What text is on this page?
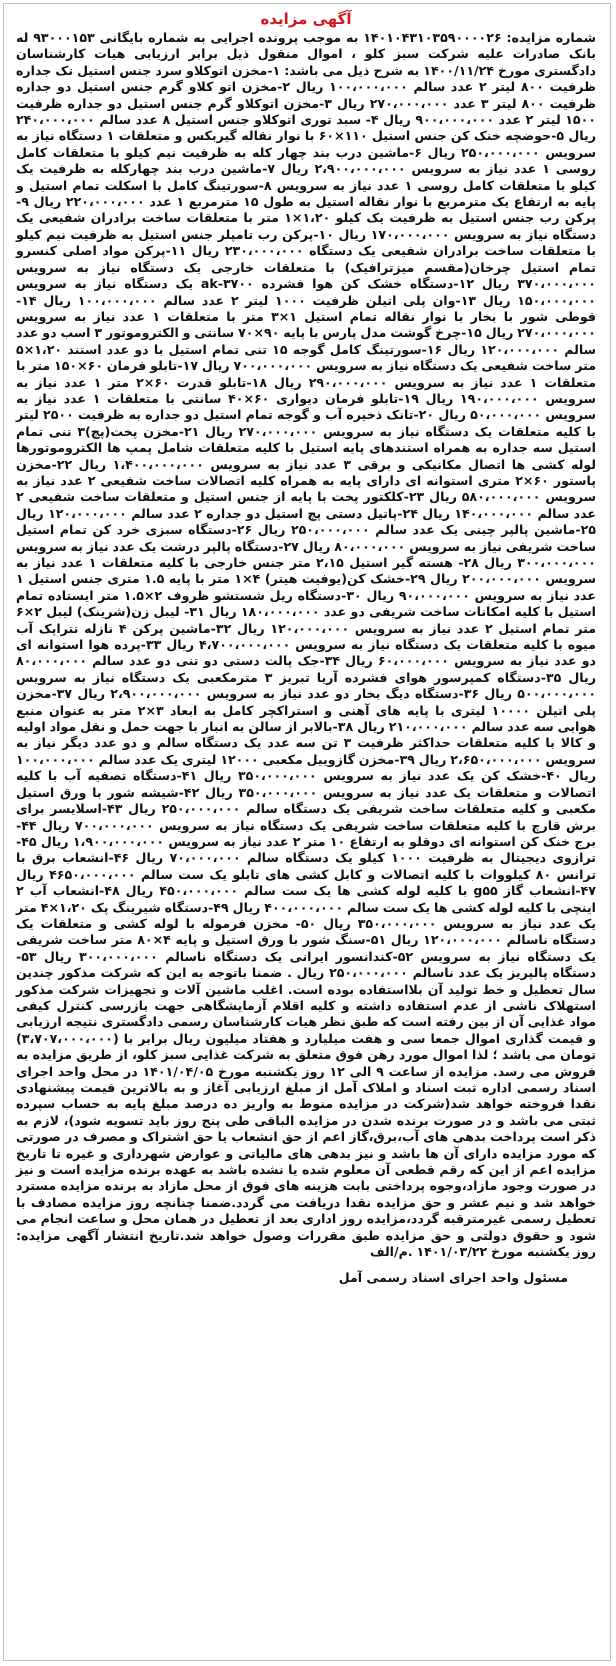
آگهی مزایده

شماره مزایده: ۱۴۰۱۰۴۳۱۰۳۵۹۰۰۰۰۲۶ به موجب پرونده اجرایی به شماره بایگانی ۹۳۰۰۰۱۵۳ له بانک صادرات علیه شرکت سبز کلو ، اموال منقول ذیل برابر ارزیابی هیات کارشناسان دادگستری مورخ ۱۴۰۰/۱۱/۲۴ به شرح ذیل می باشد: ۱-مخزن اتوکلاو سرد جنس استیل تک جداره ظرفیت ۸۰۰ لیتر ۲ عدد سالم ۱۰۰،۰۰۰،۰۰۰ ریال ۲-مخزن اتو کلاو گرم جنس استیل دو جداره ظرفیت ۸۰۰ لیتر ۳ عدد ۲۷۰،۰۰۰،۰۰۰ ریال ۳-مخزن اتوکلاو گرم جنس استیل دو جداره ظرفیت ۱۵۰۰ لیتر ۲ عدد ۹۰۰،۰۰۰،۰۰۰ ریال ۴- سبد توری اتوکلاو جنس استیل ۸ عدد سالم ۲۴۰،۰۰۰،۰۰۰ ریال ۵-حوضچه خنک کن جنس استیل ۱۱۰×۶۰ با نوار نقاله گیربکس و متعلقات ۱ دستگاه نیاز به سرویس ۲۵۰،۰۰۰،۰۰۰ ریال ۶-ماشین درب بند چهار کله به ظرفیت نیم کیلو با متعلقات کامل روسی ۱ عدد نیاز به سرویس ۲،۹۰۰،۰۰۰،۰۰۰ ریال ۷-ماشین درب بند چهارکله به ظرفیت یک کیلو با متعلقات کامل روسی ۱ عدد نیاز به سرویس ۸-سورتینگ کامل با اسکلت تمام استیل و پایه به ارتفاع یک مترمربع با نوار نقاله استیل به طول ۱۵ مترمربع ۱ عدد ۲۲۰،۰۰۰،۰۰۰ ریال ۹-پرکن رب جنس استیل به ظرفیت یک کیلو ۱،۲۰×۱ متر با متعلقات ساخت برادران شفیعی یک دستگاه نیاز به سرویس ۱۷۰،۰۰۰،۰۰۰ ریال ۱۰-پرکن رب تامپلر جنس استیل به ظرفیت نیم کیلو با متعلقات ساخت برادران شفیعی یک دستگاه ۲۳۰،۰۰۰،۰۰۰ ریال ۱۱-پرکن مواد اصلی کنسرو تمام استیل چرخان(مقسم میزترافیک) با متعلقات خارجی یک دستگاه نیاز به سرویس ۳۷۰،۰۰۰،۰۰۰ ریال ۱۲-دستگاه خشک کن هوا فشرده ak-۳۷۰۰ یک دستگاه نیاز به سرویس ۱۵۰،۰۰۰،۰۰۰ ریال ۱۳-وان پلی اتیلن ظرفیت ۱۰۰۰ لیتر ۲ عدد سالم ۱۰۰،۰۰۰،۰۰۰ ریال ۱۴-قوطی شور با بخار با نوار نقاله تمام استیل ۱×۳ متر با متعلقات ۱ عدد نیاز به سرویس ۲۷۰،۰۰۰،۰۰۰ ریال ۱۵-چرخ گوشت مدل پارس با پایه ۹۰×۷۰ سانتی و الکتروموتور ۳ اسب دو عدد سالم ۱۲۰،۰۰۰،۰۰۰ ریال ۱۶-سورتینگ کامل گوجه ۱۵ تنی تمام استیل با دو عدد استند ۱،۲۰×۵ متر ساخت شفیعی یک دستگاه نیاز به سرویس ۷۰۰،۰۰۰،۰۰۰ ریال ۱۷-تابلو فرمان ۶۰×۱۵۰ متر با متعلقات ۱ عدد نیاز به سرویس ۲۹۰،۰۰۰،۰۰۰ ریال ۱۸-تابلو قدرت ۶۰×۲ متر ۱ عدد نیاز به سرویس ۱۹۰،۰۰۰،۰۰۰ ریال ۱۹-تابلو فرمان دیواری ۶۰×۴۰ سانتی با متعلقات ۱ عدد نیاز به سرویس ۵۰،۰۰۰،۰۰۰ ریال ۲۰-تانک ذخیره آب و گوجه تمام استیل دو جداره به ظرفیت ۲۵۰۰ لیتر با کلیه متعلقات یک دستگاه نیاز به سرویس ۲۷۰،۰۰۰،۰۰۰ ریال ۲۱-مخزن پخت(پچ)۳ تنی تمام استیل سه جداره به همراه استندهای پایه استیل با کلیه متعلقات شامل پمپ ها الکتروموتورها لوله کشی ها اتصال مکانیکی و برقی ۳ عدد نیاز به سرویس ۱،۴۰۰،۰۰۰،۰۰۰ ریال ۲۲-مخزن پاستور ۶۰×۲ متری استوانه ای دارای پایه به همراه کلیه اتصالات ساخت شفیعی ۲ عدد نیاز به سرویس ۵۸۰،۰۰۰،۰۰۰ ریال ۲۳-کلکتور پخت با پایه از جنس استیل و متعلقات ساخت شفیعی ۲ عدد سالم ۱۴۰،۰۰۰،۰۰۰ ریال ۲۴-پاتیل دستی پچ استیل دو جداره ۲ عدد سالم ۱۲۰،۰۰۰،۰۰۰ ریال ۲۵-ماشین پالپر چینی یک عدد سالم ۲۵۰،۰۰۰،۰۰۰ ریال ۲۶-دستگاه سبزی خرد کن تمام استیل ساخت شریفی نیاز به سرویس ۸۰،۰۰۰،۰۰۰ ریال ۲۷-دستگاه پالپر درشت یک عدد نیاز به سرویس ۳۰۰،۰۰۰،۰۰۰ ریال ۲۸- هسته گیر استیل ۲،۱۵ متر جنس خارجی با کلیه متعلقات ۱ عدد نیاز به سرویس ۲۰۰،۰۰۰،۰۰۰ ریال ۲۹-خشک کن(یوفیت هیتر) ۴×۱ متر با پایه ۱.۵ متری جنس استیل ۱ عدد نیاز به سرویس ۹۰،۰۰۰،۰۰۰ ریال ۳۰-دستگاه ریل شستشو ظروف ۲×۱.۵ متر ایستاده تمام استیل با کلیه امکانات ساخت شریفی دو عدد ۱۸۰،۰۰۰،۰۰۰ ریال ۳۱- لیبل زن(شرینک) لیبل ۲×۶ متر تمام استیل ۲ عدد نیاز به سرویس ۱۲۰،۰۰۰،۰۰۰ ریال ۳۲-ماشین پرکن ۴ نازله تتراپک آب میوه با کلیه متعلقات یک دستگاه نیاز به سرویس ۴،۷۰۰،۰۰۰،۰۰۰ ریال ۳۳-پرده هوا استوانه ای دو عدد نیاز به سرویس ۶۰،۰۰۰،۰۰۰ ریال ۳۴-جک پالت دستی دو تنی دو عدد سالم ۸۰،۰۰۰،۰۰۰ ریال ۳۵-دستگاه کمپرسور هوای فشرده آریا تبریز ۳ مترمکعبی یک دستگاه نیاز به سرویس ۵۰۰،۰۰۰،۰۰۰ ریال ۳۶-دستگاه دیگ بخار دو عدد نیاز به سرویس ۲،۹۰۰،۰۰۰،۰۰۰ ریال ۳۷-مخزن پلی اتیلن ۱۰۰۰۰ لیتری با پایه های آهنی و استراکچر کامل به ابعاد ۳×۲ متر به عنوان منبع هوایی سه عدد سالم ۲۱۰،۰۰۰،۰۰۰ ریال ۳۸-بالابر از سالن به انبار با جهت حمل و نقل مواد اولیه و کالا با کلیه متعلقات حداکثر ظرفیت ۳ تن سه عدد یک دستگاه سالم و دو عدد دیگر نیاز به سرویس ۲،۶۵۰،۰۰۰،۰۰۰ ریال ۳۹-مخزن گازوییل مکعبی ۱۲۰۰۰ لیتری یک عدد سالم ۱۰۰،۰۰۰،۰۰۰ ریال ۴۰-خشک کن یک عدد نیاز به سرویس ۳۵۰،۰۰۰،۰۰۰ ریال ۴۱-دستگاه تصفیه آب با کلیه اتصالات و متعلقات یک عدد نیاز به سرویس ۳۵۰،۰۰۰،۰۰۰ ریال ۴۲-شیشه شور با ورق استیل مکعبی و کلیه متعلقات ساخت شریفی یک دستگاه سالم ۲۵۰،۰۰۰،۰۰۰ ریال ۴۳-اسلایسر برای برش قارچ با کلیه متعلقات ساخت شریفی یک دستگاه نیاز به سرویس ۷۰۰،۰۰۰،۰۰۰ ریال ۴۴-برج خنک کن استوانه ای دوقلو به ارتفاع ۱۰ متر ۲ عدد نیاز به سرویس ۱،۹۰۰،۰۰۰،۰۰۰ ریال ۴۵-ترازوی دیجیتال به ظرفیت ۱۰۰۰ کیلو یک دستگاه سالم ۷۰،۰۰۰،۰۰۰ ریال ۴۶-انشعاب برق با ترانس ۸۰ کیلووات با کلیه اتصالات و کابل کشی های تابلو یک ست سالم ۴۶۵۰،۰۰۰،۰۰۰ ریال ۴۷-انشعاب گاز g۵۵ با کلیه لوله کشی ها یک ست سالم ۴۵۰،۰۰۰،۰۰۰ ریال ۴۸-انشعاب آب ۲ اینچی با کلیه لوله کشی ها یک ست سالم ۴۰۰،۰۰۰،۰۰۰ ریال ۴۹-دستگاه شیرینگ پک ۱،۲۰×۴ متر یک عدد نیاز به سرویس ۳۵۰،۰۰۰،۰۰۰ ریال ۵۰- مخزن فرموله با لوله کشی و متعلقات یک دستگاه ناسالم ۱۲۰،۰۰۰،۰۰۰ ریال ۵۱-سنگ شور با ورق استیل و پایه ۴×۸۰ متر ساخت شریفی یک دستگاه نیاز به سرویس ۵۲-کندانسور ایرانی یک دستگاه ناسالم ۳۰۰،۰۰۰،۰۰۰ ریال ۵۳-دستگاه پالپریز یک عدد ناسالم ۲۵۰،۰۰۰،۰۰۰ ریال . ضمنا باتوجه به این که شرکت مذکور چندین سال تعطیل و خط تولید آن بلااستفاده بوده است. اغلب ماشین آلات و تجهیزات شرکت مذکور استهلاک ناشی از عدم استفاده داشته و کلیه اقلام آزمایشگاهی جهت بازرسی کنترل کیفی مواد غذایی آن از بین رفته است که طبق نظر هیات کارشناسان رسمی دادگستری نتیجه ارزیابی و قیمت گذاری اموال جمعا سی و هفت میلیارد و هفتاد میلیون ریال برابر با (۳،۷۰۷،۰۰۰،۰۰۰) تومان می باشد ؛ لذا اموال مورد رهن فوق متعلق به شرکت غذایی سبز کلو، از طریق مزایده به فروش می رسد. مزایده از ساعت ۹ الی ۱۲ روز یکشنبه مورخ ۱۴۰۱/۰۴/۰۵ در محل واحد اجرای اسناد رسمی اداره ثبت اسناد و املاک آمل از مبلغ ارزیابی آغاز و به بالاترین قیمت پیشنهادی نقدا فروخته خواهد شد(شرکت در مزایده منوط به واریز ده درصد مبلغ پایه به حساب سپرده ثبتی می باشد و در صورت برنده شدن در مزایده الباقی طی پنج روز باید تسویه شود)، لازم به ذکر است پرداخت بدهی های آب،برق،گاز اعم از حق انشعاب یا حق اشتراک و مصرف در صورتی که مورد مزایده دارای آن ها باشد و نیز بدهی های مالیاتی و عوارض شهرداری و غیره تا تاریخ مزایده اعم از این که رقم قطعی آن معلوم شده یا نشده باشد به عهده برنده مزایده است و نیز در صورت وجود مازاد،وجوه پرداختی بابت هزینه های فوق از محل مازاد به برنده مزایده مسترد خواهد شد و نیم عشر و حق مزایده نقدا دریافت می گردد.ضمنا چنانچه روز مزایده مصادف با تعطیل رسمی غیرمترقبه گردد،مزایده روز اداری بعد از تعطیل در همان محل و ساعت انجام می شود و حقوق دولتی و حق مزایده طبق مقررات وصول خواهد شد.تاریخ انتشار آگهی مزایده: روز یکشنبه مورخ ۱۴۰۱/۰۳/۲۲ .م/الف

مسئول واحد اجرای اسناد رسمی آمل
